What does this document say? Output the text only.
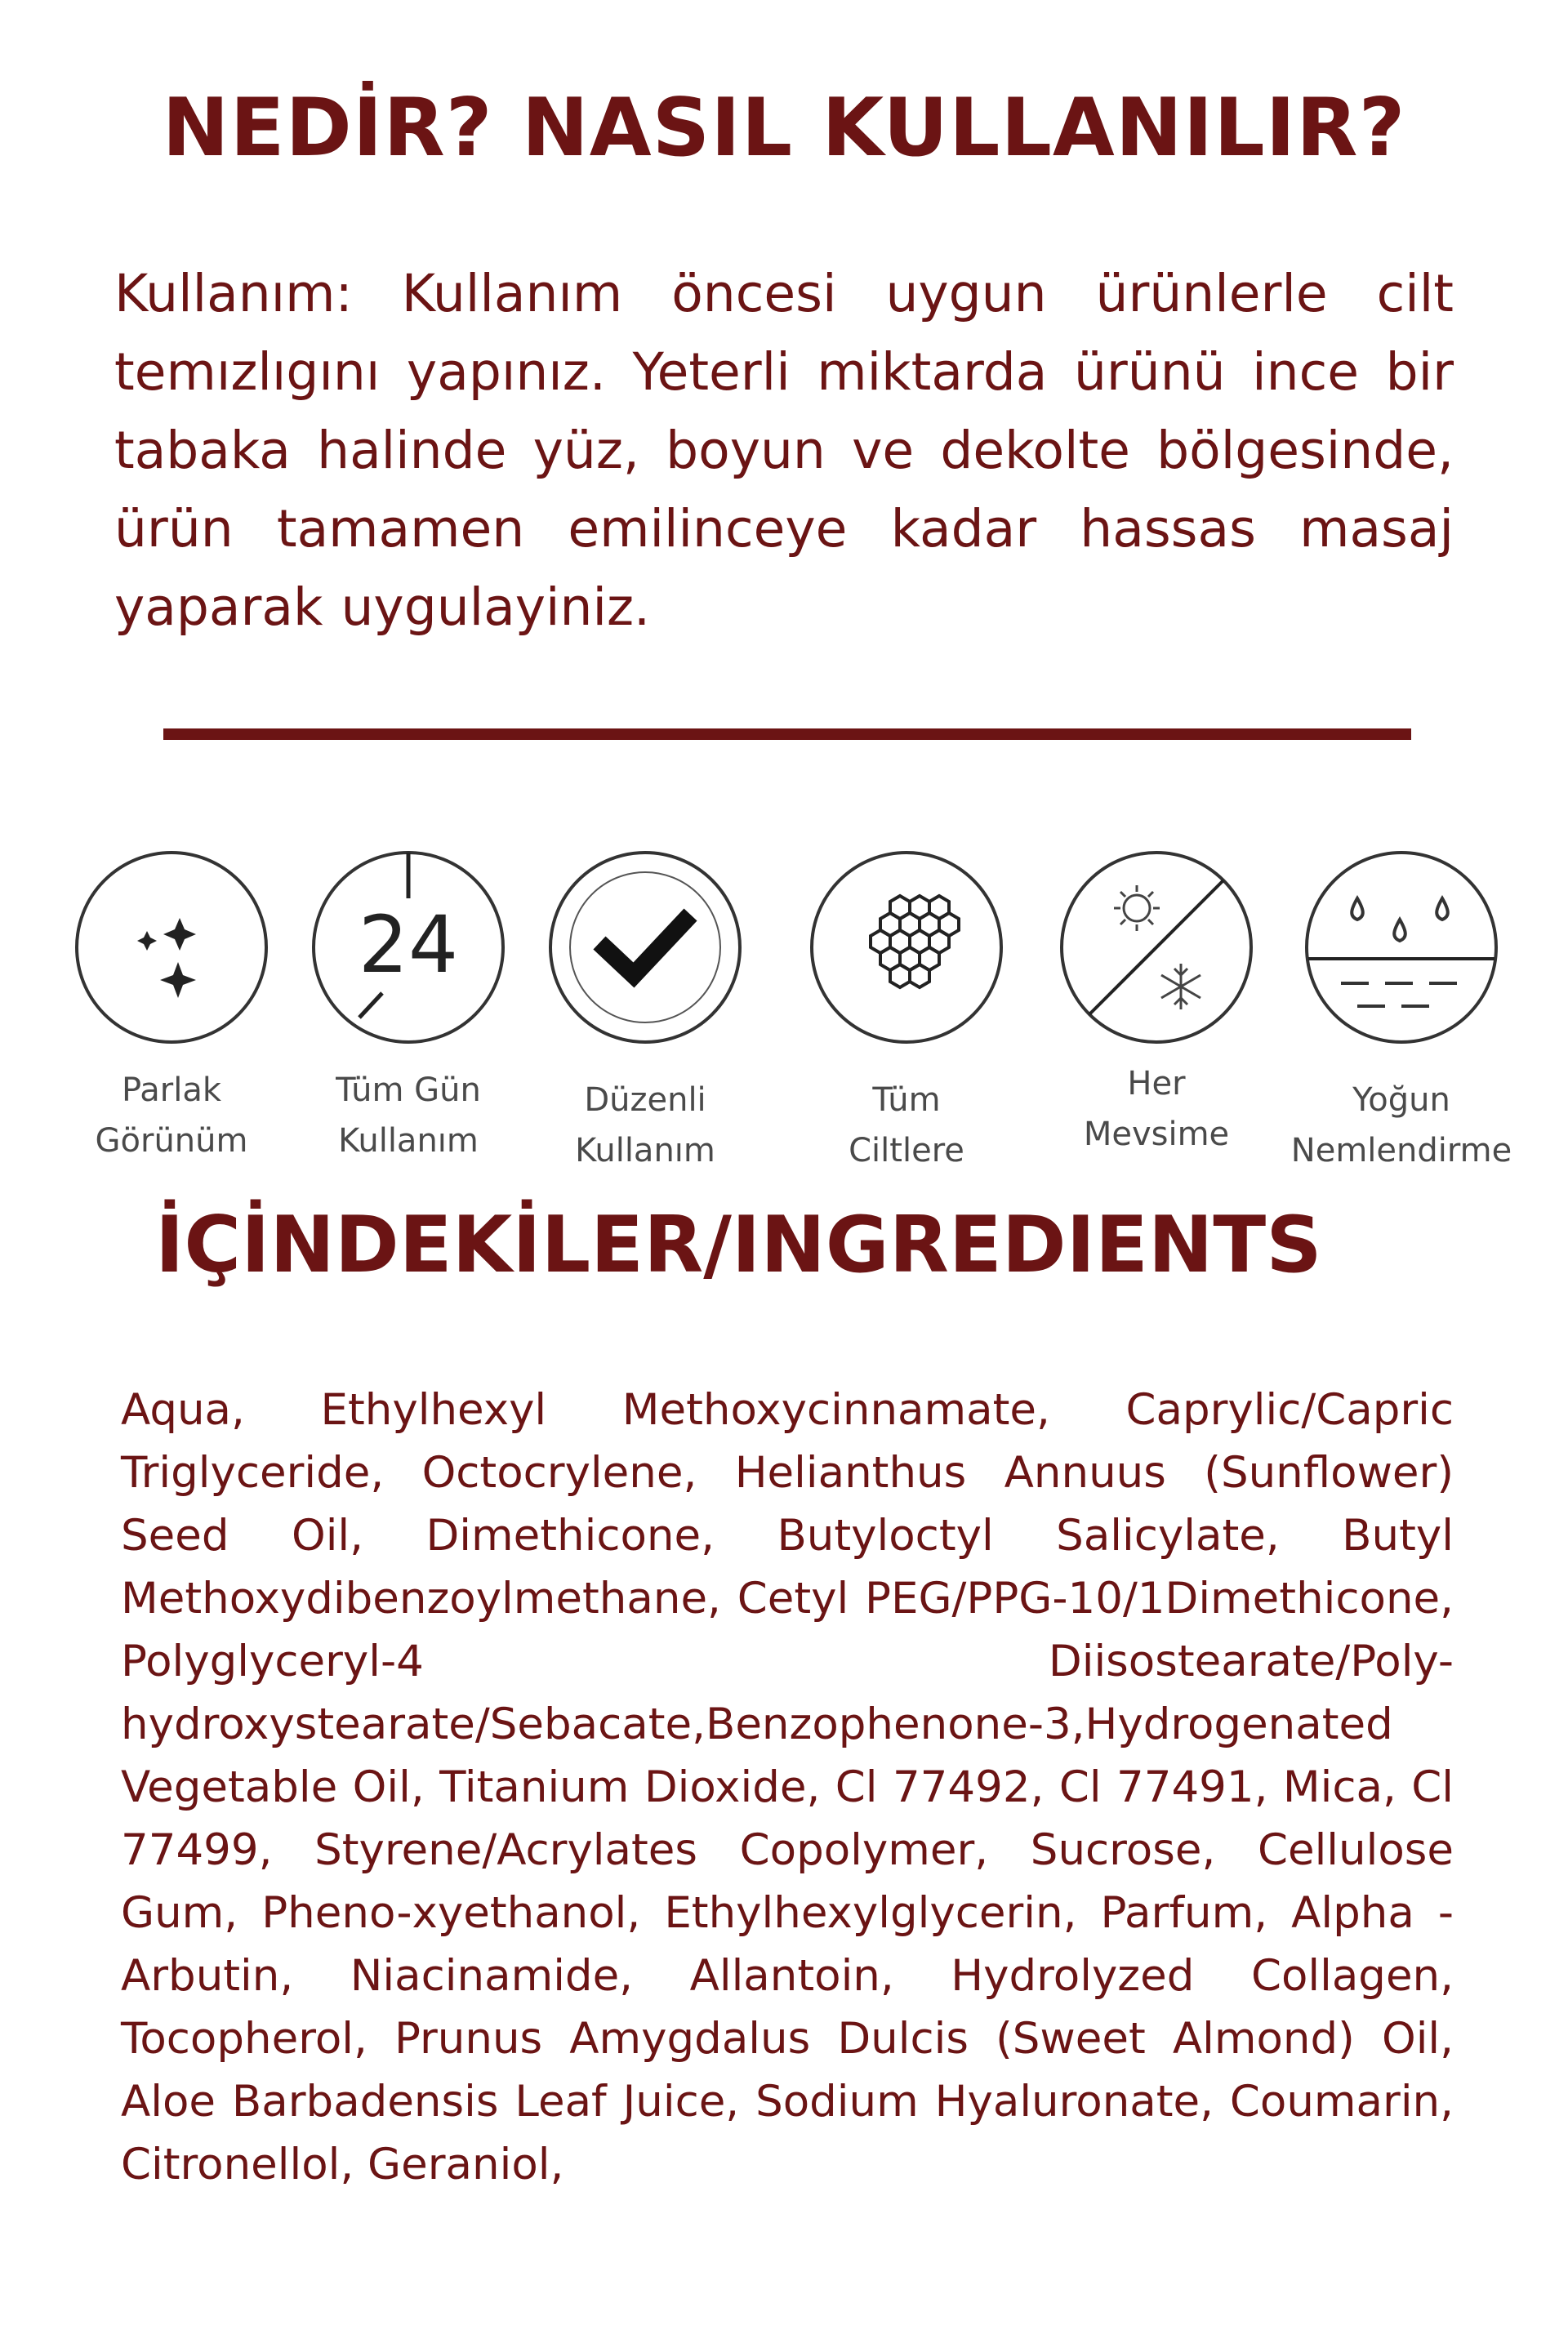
NEDİR? NASIL KULLANILIR?

Kullanım: Kullanım öncesi uygun ürünlerle cilt temızlıgını yapınız. Yeterli miktarda ürünü ince bir tabaka halinde yüz, boyun ve dekolte bölgesinde, ürün tamamen emilinceye kadar hassas masaj yaparak uygulayiniz.

Parlak
Görünüm
24
Tüm Gün
Kullanım
Düzenli
Kullanım
Tüm
Ciltlere
Her
Mevsime
Yoğun
Nemlendirme
İÇİNDEKİLER/INGREDIENTS

Aqua, Ethylhexyl Methoxycinnamate, Caprylic/Capric Triglyceride, Octocrylene, Helianthus Annuus (Sunflower) Seed Oil, Dimethicone, Butyloctyl Salicylate, Butyl Methoxydibenzoylmethane, Cetyl PEG/PPG-10/1Dimethicone, Polyglyceryl-4 Diisostearate/Poly-hydroxystearate/Sebacate,Benzophenone-3,Hydrogenated Vegetable Oil, Titanium Dioxide, Cl 77492, Cl 77491, Mica, Cl 77499, Styrene/Acrylates Copolymer, Sucrose, Cellulose Gum, Pheno-xyethanol, Ethylhexylglycerin, Parfum, Alpha - Arbutin, Niacinamide, Allantoin, Hydrolyzed Collagen, Tocopherol, Prunus Amygdalus Dulcis (Sweet Almond) Oil, Aloe Barbadensis Leaf Juice, Sodium Hyaluronate, Coumarin, Citronellol, Geraniol,
